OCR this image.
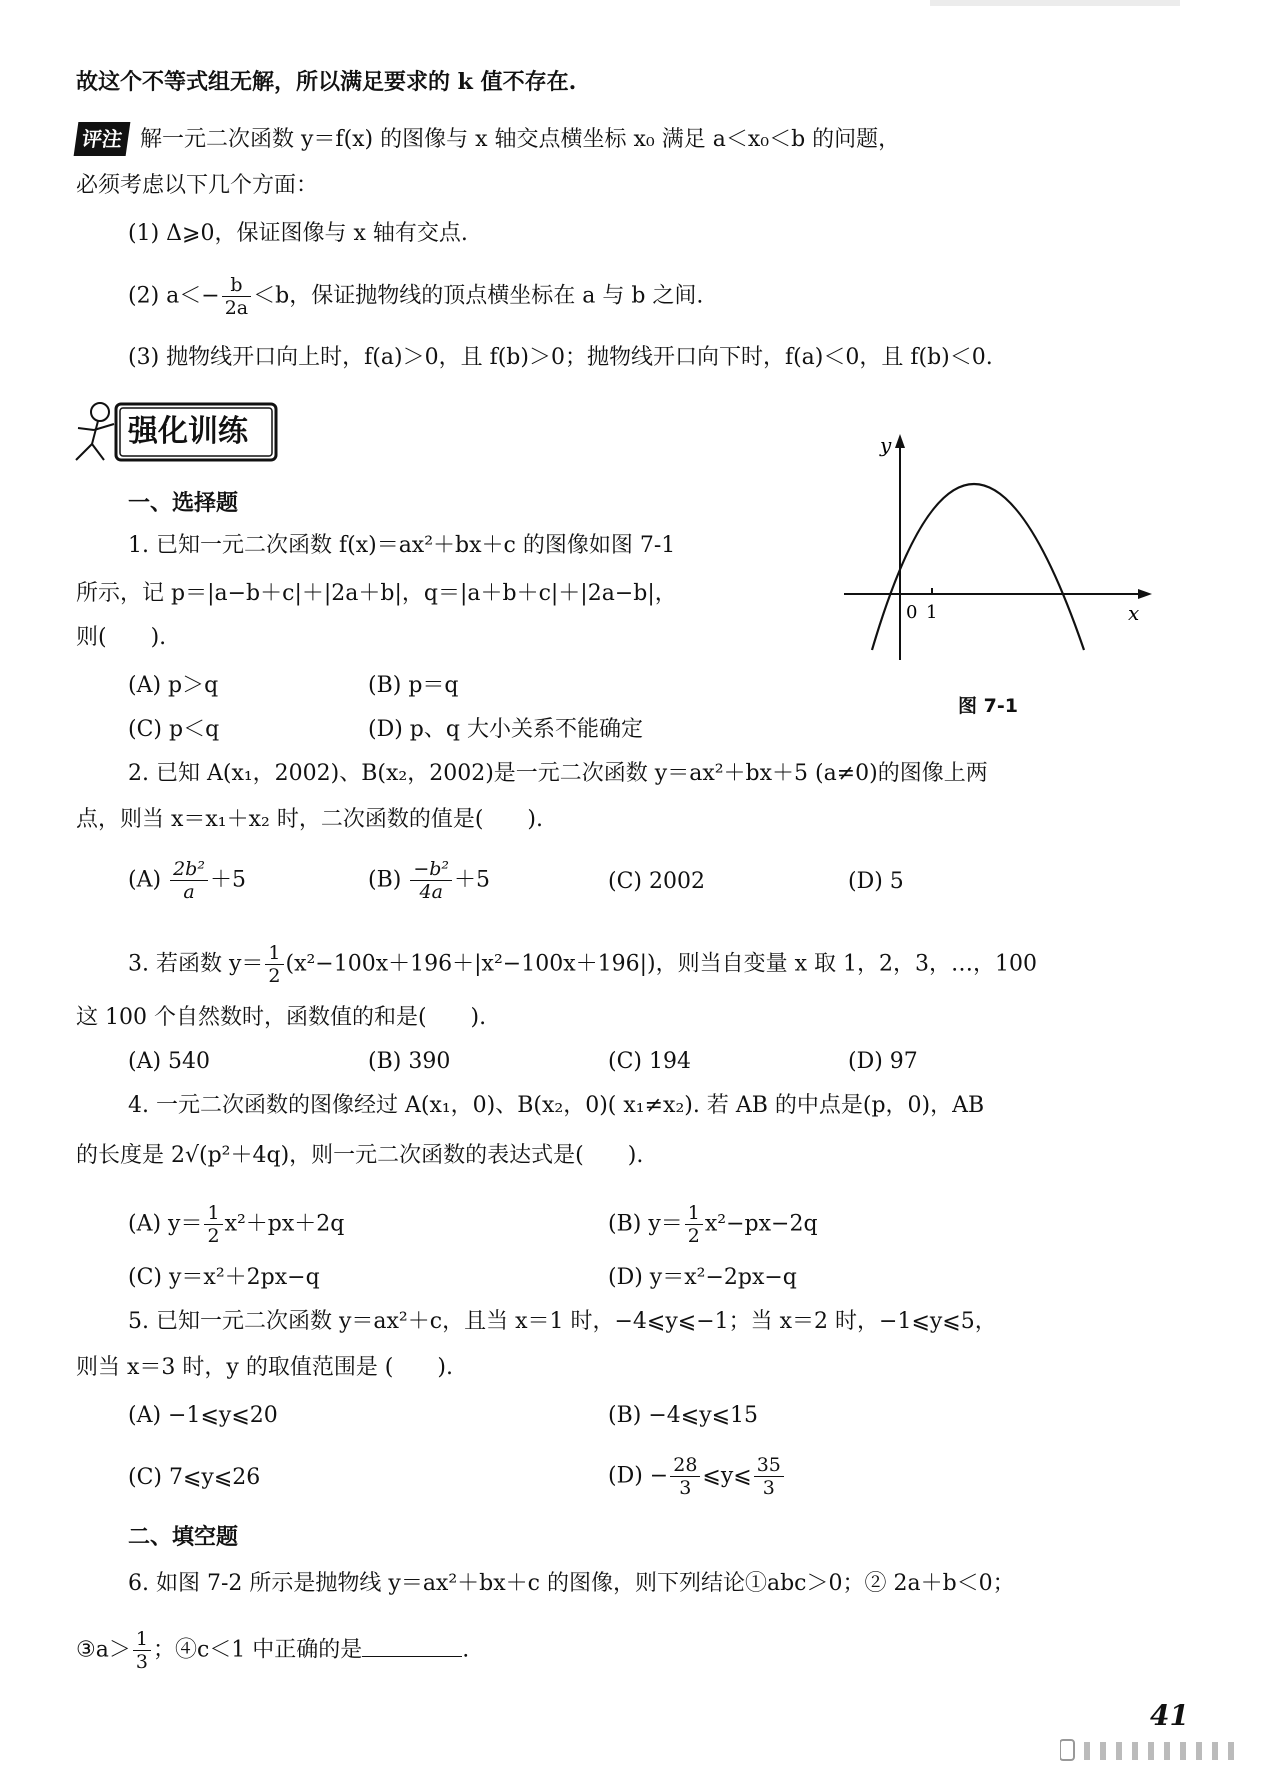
故这个不等式组无解，所以满足要求的 k 值不存在.
评注 解一元二次函数 y＝f(x) 的图像与 x 轴交点横坐标 x₀ 满足 a＜x₀＜b 的问题，
必须考虑以下几个方面：
(1) Δ⩾0，保证图像与 x 轴有交点.
(2) $a<- \frac{b}{2a} <b$，保证抛物线的顶点横坐标在 a 与 b 之间.
(3) 抛物线开口向上时，f(a)＞0，且 f(b)＞0；抛物线开口向下时，f(a)＜0，且 f(b)＜0.
强化训练
一、选择题
1. 已知一元二次函数 f(x)＝ax²＋bx＋c 的图像如图 7-1
所示，记 p＝|a−b＋c|＋|2a＋b|，q＝|a＋b＋c|＋|2a−b|，
则(　　).
(A) p＞q	(B) p＝q
(C) p＜q	(D) p、q 大小关系不能确定
y
x
0 1
图 7-1
2. 已知 A(x₁，2002)、B(x₂，2002)是一元二次函数 y＝ax²＋bx＋5 (a≠0)的图像上两
点，则当 x＝x₁＋x₂ 时，二次函数的值是(　　).
$(A) \frac{\text{2b²}}{a} +5$	$(B) \frac{\text{−b²}}{4a} +5$	(C) 2002	(D) 5
3. 若函数 $y= \frac{1}{2} (x^2-100x+196+|x^2-100x+196|)$，则当自变量 x 取 1，2，3，…，100
这 100 个自然数时，函数值的和是(　　).
(A) 540	(B) 390	(C) 194	(D) 97
4. 一元二次函数的图像经过 A(x₁，0)、B(x₂，0)( x₁≠x₂). 若 AB 的中点是(p，0)，AB
的长度是 2√(p²＋4q)，则一元二次函数的表达式是(　　).
(A) $y= \frac{1}{2} x^2+px+2q$	(B) $y= \frac{1}{2} x^2-px-2q$
(C) y＝x²＋2px−q	(D) y＝x²−2px−q
5. 已知一元二次函数 y＝ax²＋c，且当 x＝1 时，−4⩽y⩽−1；当 x＝2 时，−1⩽y⩽5，
则当 x＝3 时，y 的取值范围是 (　　).
(A) −1⩽y⩽20	(B) −4⩽y⩽15
(C) 7⩽y⩽26	$(D) - \frac{28}{3}$ ⩽y⩽ $\frac{35}{3}$
二、填空题
6. 如图 7-2 所示是抛物线 y＝ax²＋bx＋c 的图像，则下列结论①abc＞0；② 2a＋b＜0；
③a＞ $\frac{1}{3}$ ；④c＜1 中正确的是	.
41
